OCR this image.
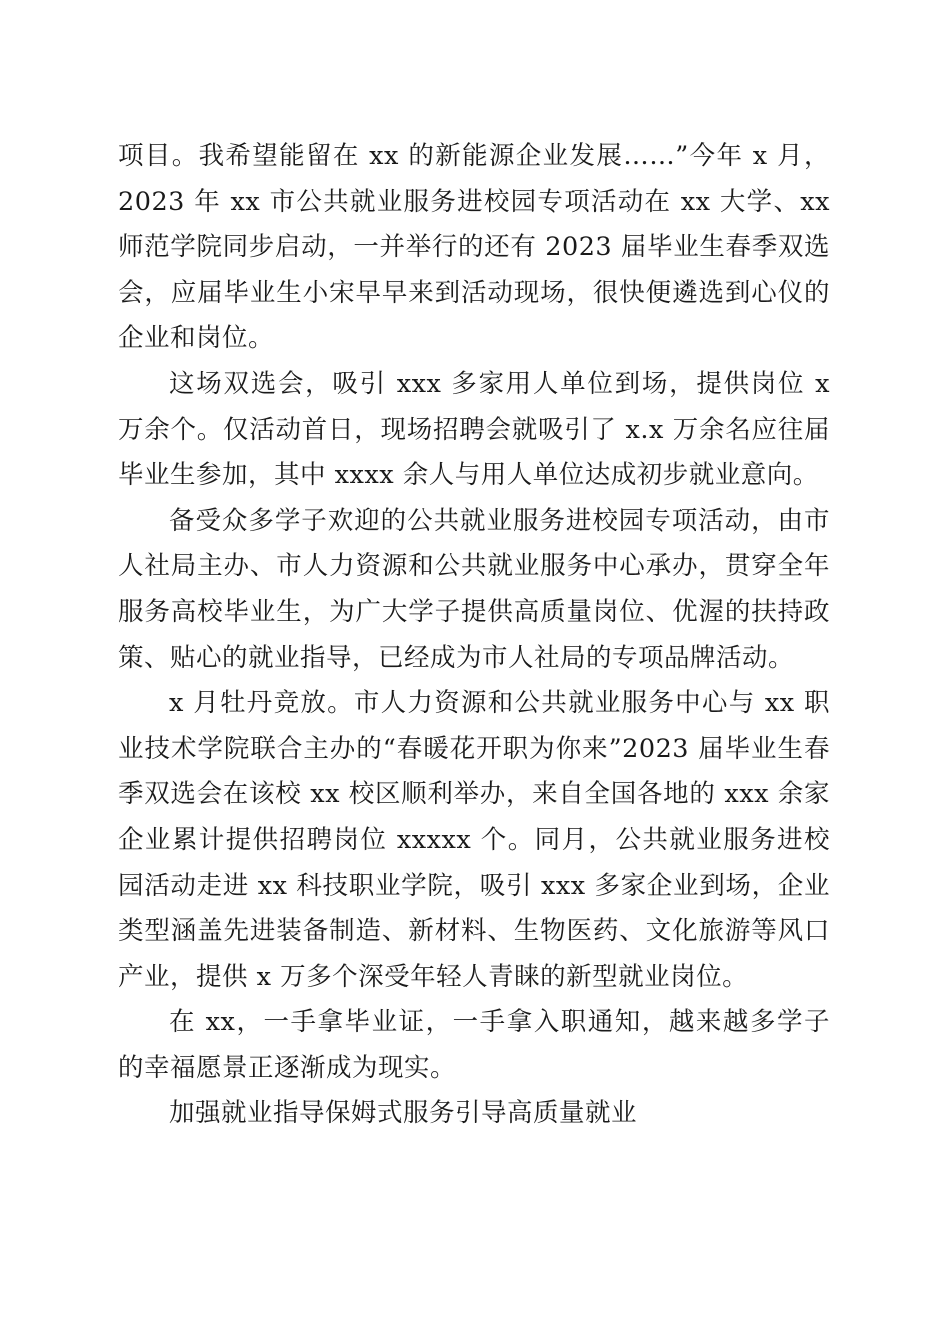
项目。我希望能留在 xx 的新能源企业发展……”今年 x 月，2023 年 xx 市公共就业服务进校园专项活动在 xx 大学、xx 师范学院同步启动，一并举行的还有 2023 届毕业生春季双选会，应届毕业生小宋早早来到活动现场，很快便遴选到心仪的企业和岗位。

这场双选会，吸引 xxx 多家用人单位到场，提供岗位 x 万余个。仅活动首日，现场招聘会就吸引了 x.x 万余名应往届毕业生参加，其中 xxxx 余人与用人单位达成初步就业意向。

备受众多学子欢迎的公共就业服务进校园专项活动，由市人社局主办、市人力资源和公共就业服务中心承办，贯穿全年服务高校毕业生，为广大学子提供高质量岗位、优渥的扶持政策、贴心的就业指导，已经成为市人社局的专项品牌活动。

x 月牡丹竞放。市人力资源和公共就业服务中心与 xx 职业技术学院联合主办的“春暖花开职为你来”2023 届毕业生春季双选会在该校 xx 校区顺利举办，来自全国各地的 xxx 余家企业累计提供招聘岗位 xxxxx 个。同月，公共就业服务进校园活动走进 xx 科技职业学院，吸引 xxx 多家企业到场，企业类型涵盖先进装备制造、新材料、生物医药、文化旅游等风口产业，提供 x 万多个深受年轻人青睐的新型就业岗位。

在 xx，一手拿毕业证，一手拿入职通知，越来越多学子的幸福愿景正逐渐成为现实。

加强就业指导保姆式服务引导高质量就业
